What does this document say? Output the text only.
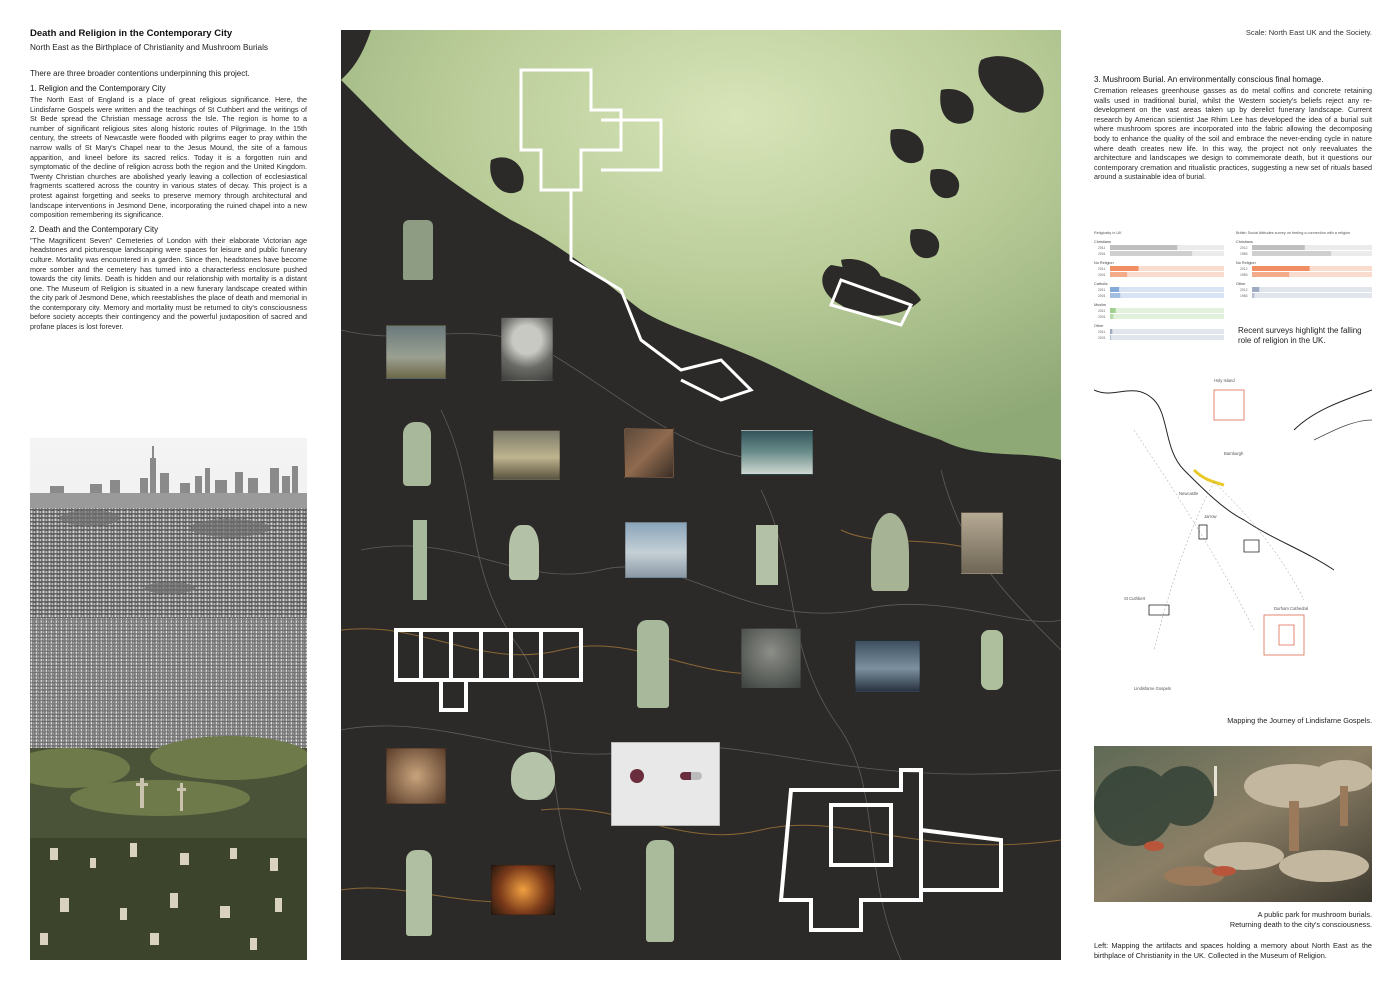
Death and Religion in the Contemporary City
North East as the Birthplace of Christianity and Mushroom Burials
There are three broader contentions underpinning this project.
1. Religion and the Contemporary City
The North East of England is a place of great religious significance. Here, the Lindisfarne Gospels were written and the teachings of St Cuthbert and the writings of St Bede spread the Christian message across the Isle. The region is home to a number of significant religious sites along historic routes of Pilgrimage. In the 15th century, the streets of Newcastle were flooded with pilgrims eager to pray within the narrow walls of St Mary's Chapel near to the Jesus Mound, the site of a famous apparition, and kneel before its sacred relics. Today it is a forgotten ruin and symptomatic of the decline of religion across both the region and the United Kingdom. Twenty Christian churches are abolished yearly leaving a collection of ecclesiastical fragments scattered across the country in various states of decay. This project is a protest against forgetting and seeks to preserve memory through architectural and landscape interventions in Jesmond Dene, incorporating the ruined chapel into a new composition remembering its significance.
2. Death and the Contemporary City
"The Magnificent Seven" Cemeteries of London with their elaborate Victorian age headstones and picturesque landscaping were spaces for leisure and public funerary culture. Mortality was encountered in a garden. Since then, headstones have become more somber and the cemetery has turned into a characterless enclosure pushed towards the city limits. Death is hidden and our relationship with mortality is a distant one. The Museum of Religion is situated in a new funerary landscape created within the city park of Jesmond Dene, which reestablishes the place of death and memorial in the contemporary city. Memory and mortality must be returned to city's consciousness before society accepts their contingency and the powerful juxtaposition of sacred and profane places is lost forever.
Scale: North East UK and the Society.
3. Mushroom Burial. An environmentally conscious final homage.
Cremation releases greenhouse gasses as do metal coffins and concrete retaining walls used in traditional burial, whilst the Western society's beliefs reject any re-development on the vast areas taken up by derelict funerary landscape. Current research by American scientist Jae Rhim Lee has developed the idea of a burial suit where mushroom spores are incorporated into the fabric allowing the decomposing body to enhance the quality of the soil and embrace the never-ending cycle in nature where death creates new life. In this way, the project not only reevaluates the architecture and landscapes we design to commemorate death, but it questions our contemporary cremation and ritualistic practices, suggesting a new set of rituals based around a sustainable idea of burial.
Religiosity in UK
Christians
2011
2001
No Religion
2011
2001
Catholic
2011
2001
Muslim
2011
2001
Other
2011
2001
British Social Attitudes survey on feeling a connection with a religion
Christians
2012
1983
No Religion
2012
1983
Other
2012
1983
Recent surveys highlight the falling role of religion in the UK.
Holy Island
Bamburgh
Newcastle
Jarrow
St Cuthbert
Durham Cathedral
Lindisfarne Gospels
Mapping the Journey of Lindisfarne Gospels.
A public park for mushroom burials.
Returning death to the city's consciousness.
Left: Mapping the artifacts and spaces holding a memory about North East as the birthplace of Christianity in the UK. Collected in the Museum of Religion.
